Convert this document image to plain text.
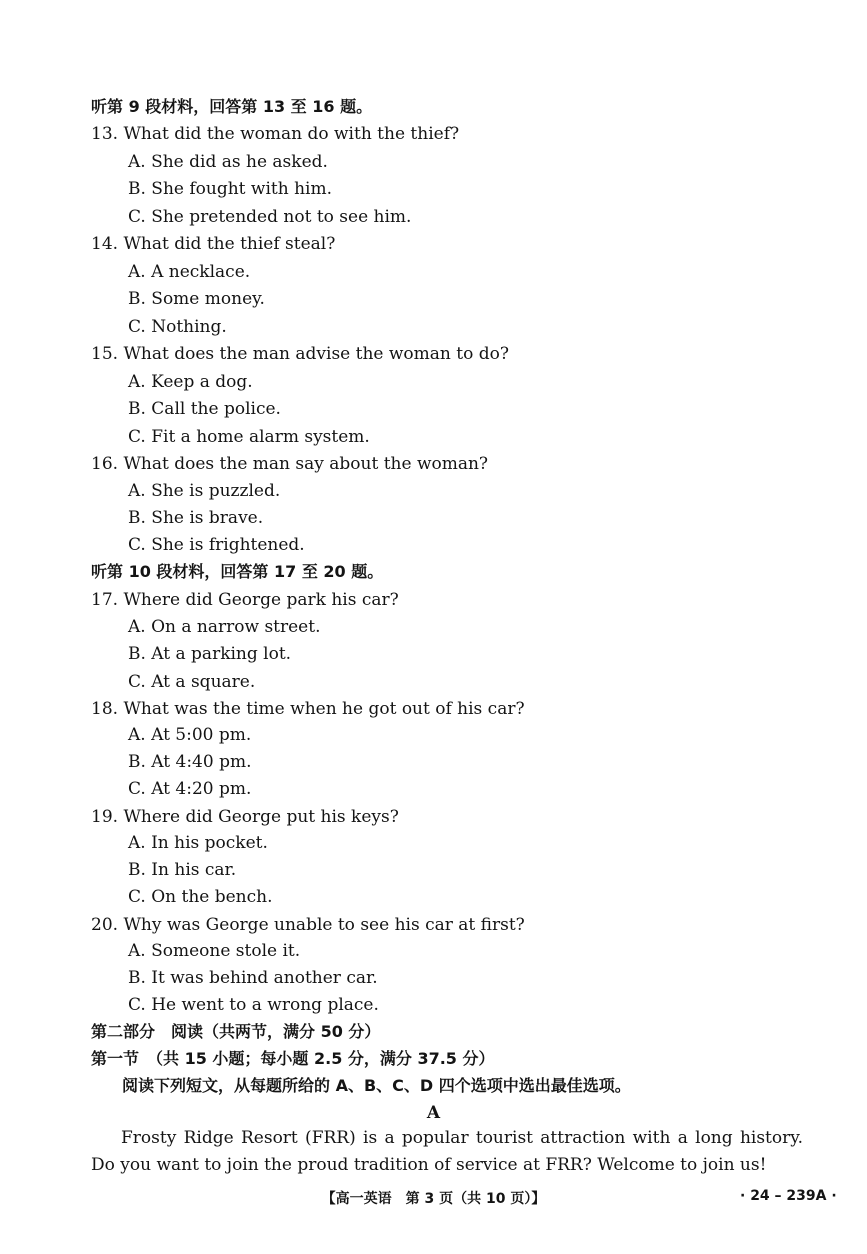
听第 9 段材料，回答第 13 至 16 题。
13. What did the woman do with the thief?
A. She did as he asked.
B. She fought with him.
C. She pretended not to see him.
14. What did the thief steal?
A. A necklace.
B. Some money.
C. Nothing.
15. What does the man advise the woman to do?
A. Keep a dog.
B. Call the police.
C. Fit a home alarm system.
16. What does the man say about the woman?
A. She is puzzled.
B. She is brave.
C. She is frightened.
听第 10 段材料，回答第 17 至 20 题。
17. Where did George park his car?
A. On a narrow street.
B. At a parking lot.
C. At a square.
18. What was the time when he got out of his car?
A. At 5:00 pm.
B. At 4:40 pm.
C. At 4:20 pm.
19. Where did George put his keys?
A. In his pocket.
B. In his car.
C. On the bench.
20. Why was George unable to see his car at first?
A. Someone stole it.
B. It was behind another car.
C. He went to a wrong place.
第二部分　阅读（共两节，满分 50 分）
第一节　（共 15 小题；每小题 2.5 分，满分 37.5 分）
阅读下列短文，从每题所给的 A、B、C、D 四个选项中选出最佳选项。
A
Frosty Ridge Resort (FRR) is a popular tourist attraction with a long history. Do you want to join the proud tradition of service at FRR? Welcome to join us!
【高一英语　第 3 页（共 10 页）】	· 24 – 239A ·
